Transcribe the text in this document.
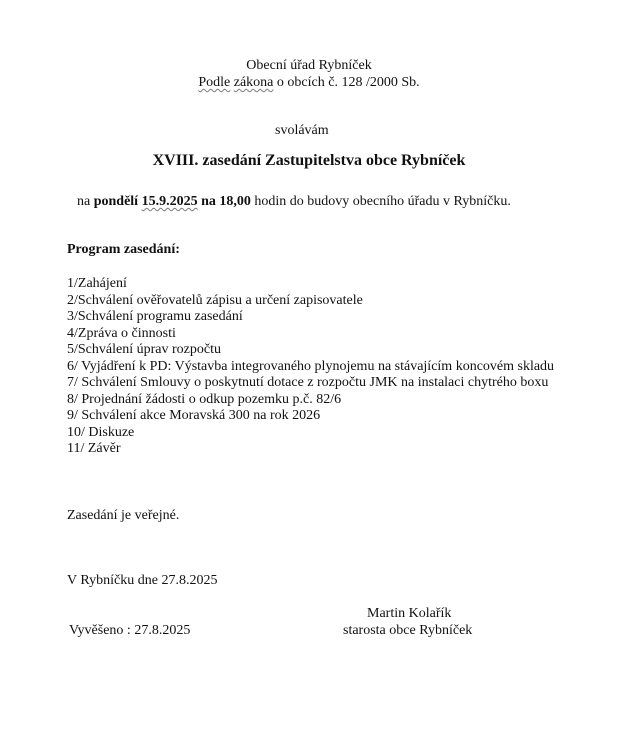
Obecní úřad Rybníček
Podle zákona o obcích č. 128 /2000 Sb.
svolávám
XVIII. zasedání Zastupitelstva obce Rybníček
na pondělí 15.9.2025 na 18,00 hodin do budovy obecního úřadu v Rybníčku.
Program zasedání:
1/Zahájení
2/Schválení ověřovatelů zápisu a určení zapisovatele
3/Schválení programu zasedání
4/Zpráva o činnosti
5/Schválení úprav rozpočtu
6/ Vyjádření k PD: Výstavba integrovaného plynojemu na stávajícím koncovém skladu
7/ Schválení Smlouvy o poskytnutí dotace z rozpočtu JMK na instalaci chytrého boxu
8/ Projednání žádosti o odkup pozemku p.č. 82/6
9/ Schválení akce Moravská 300 na rok 2026
10/ Diskuze
11/ Závěr
Zasedání je veřejné.
V Rybníčku dne 27.8.2025
Martin Kolařík
Vyvěšeno : 27.8.2025	starosta obce Rybníček
